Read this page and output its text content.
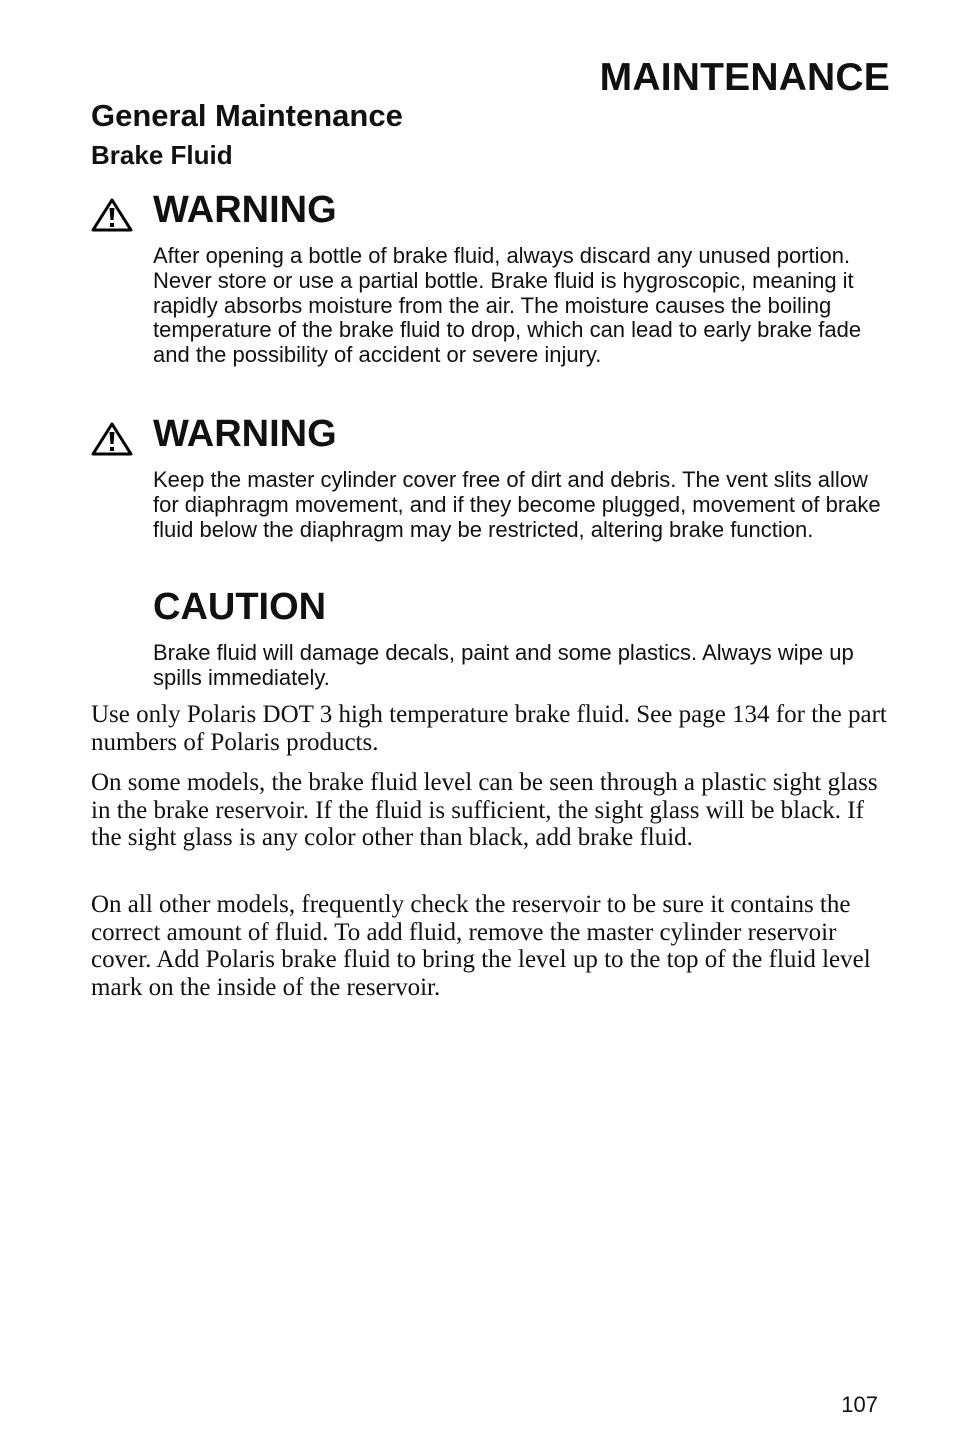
MAINTENANCE
General Maintenance
Brake Fluid
WARNING

After opening a bottle of brake fluid, always discard any unused portion. Never store or use a partial bottle. Brake fluid is hygroscopic, meaning it rapidly absorbs moisture from the air. The moisture causes the boiling temperature of the brake fluid to drop, which can lead to early brake fade and the possibility of accident or severe injury.

WARNING

Keep the master cylinder cover free of dirt and debris. The vent slits allow for diaphragm movement, and if they become plugged, movement of brake fluid below the diaphragm may be restricted, altering brake function.

CAUTION

Brake fluid will damage decals, paint and some plastics. Always wipe up spills immediately.

Use only Polaris DOT 3 high temperature brake fluid. See page 134 for the part numbers of Polaris products.

On some models, the brake fluid level can be seen through a plastic sight glass in the brake reservoir. If the fluid is sufficient, the sight glass will be black. If the sight glass is any color other than black, add brake fluid.

On all other models, frequently check the reservoir to be sure it contains the correct amount of fluid. To add fluid, remove the master cylinder reservoir cover. Add Polaris brake fluid to bring the level up to the top of the fluid level mark on the inside of the reservoir.

107
